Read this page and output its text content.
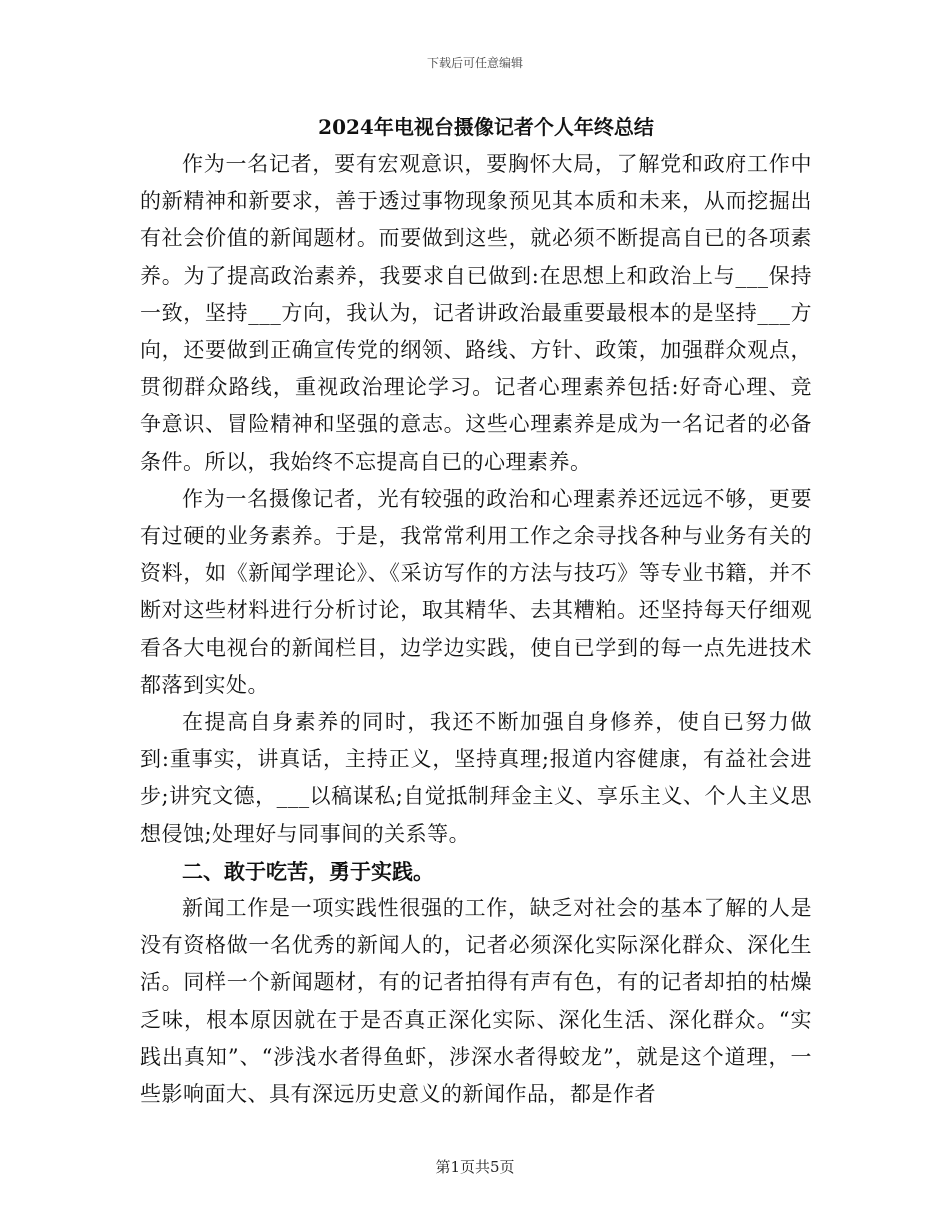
下载后可任意编辑
2024年电视台摄像记者个人年终总结

作为一名记者，要有宏观意识，要胸怀大局，了解党和政府工作中的新精神和新要求，善于透过事物现象预见其本质和未来，从而挖掘出有社会价值的新闻题材。而要做到这些，就必须不断提高自已的各项素养。为了提高政治素养，我要求自已做到:在思想上和政治上与___保持一致，坚持___方向，我认为，记者讲政治最重要最根本的是坚持___方向，还要做到正确宣传党的纲领、路线、方针、政策，加强群众观点，贯彻群众路线，重视政治理论学习。记者心理素养包括:好奇心理、竞争意识、冒险精神和坚强的意志。这些心理素养是成为一名记者的必备条件。所以，我始终不忘提高自已的心理素养。

作为一名摄像记者，光有较强的政治和心理素养还远远不够，更要有过硬的业务素养。于是，我常常利用工作之余寻找各种与业务有关的资料，如《新闻学理论》、《采访写作的方法与技巧》等专业书籍，并不断对这些材料进行分析讨论，取其精华、去其糟粕。还坚持每天仔细观看各大电视台的新闻栏目，边学边实践，使自已学到的每一点先进技术都落到实处。

在提高自身素养的同时，我还不断加强自身修养，使自已努力做到:重事实，讲真话，主持正义，坚持真理;报道内容健康，有益社会进步;讲究文德，___以稿谋私;自觉抵制拜金主义、享乐主义、个人主义思想侵蚀;处理好与同事间的关系等。

二、敢于吃苦，勇于实践。

新闻工作是一项实践性很强的工作，缺乏对社会的基本了解的人是没有资格做一名优秀的新闻人的，记者必须深化实际深化群众、深化生活。同样一个新闻题材，有的记者拍得有声有色，有的记者却拍的枯燥乏味，根本原因就在于是否真正深化实际、深化生活、深化群众。“实践出真知”、“涉浅水者得鱼虾，涉深水者得蛟龙”，就是这个道理，一些影响面大、具有深远历史意义的新闻作品，都是作者

第1页共5页
